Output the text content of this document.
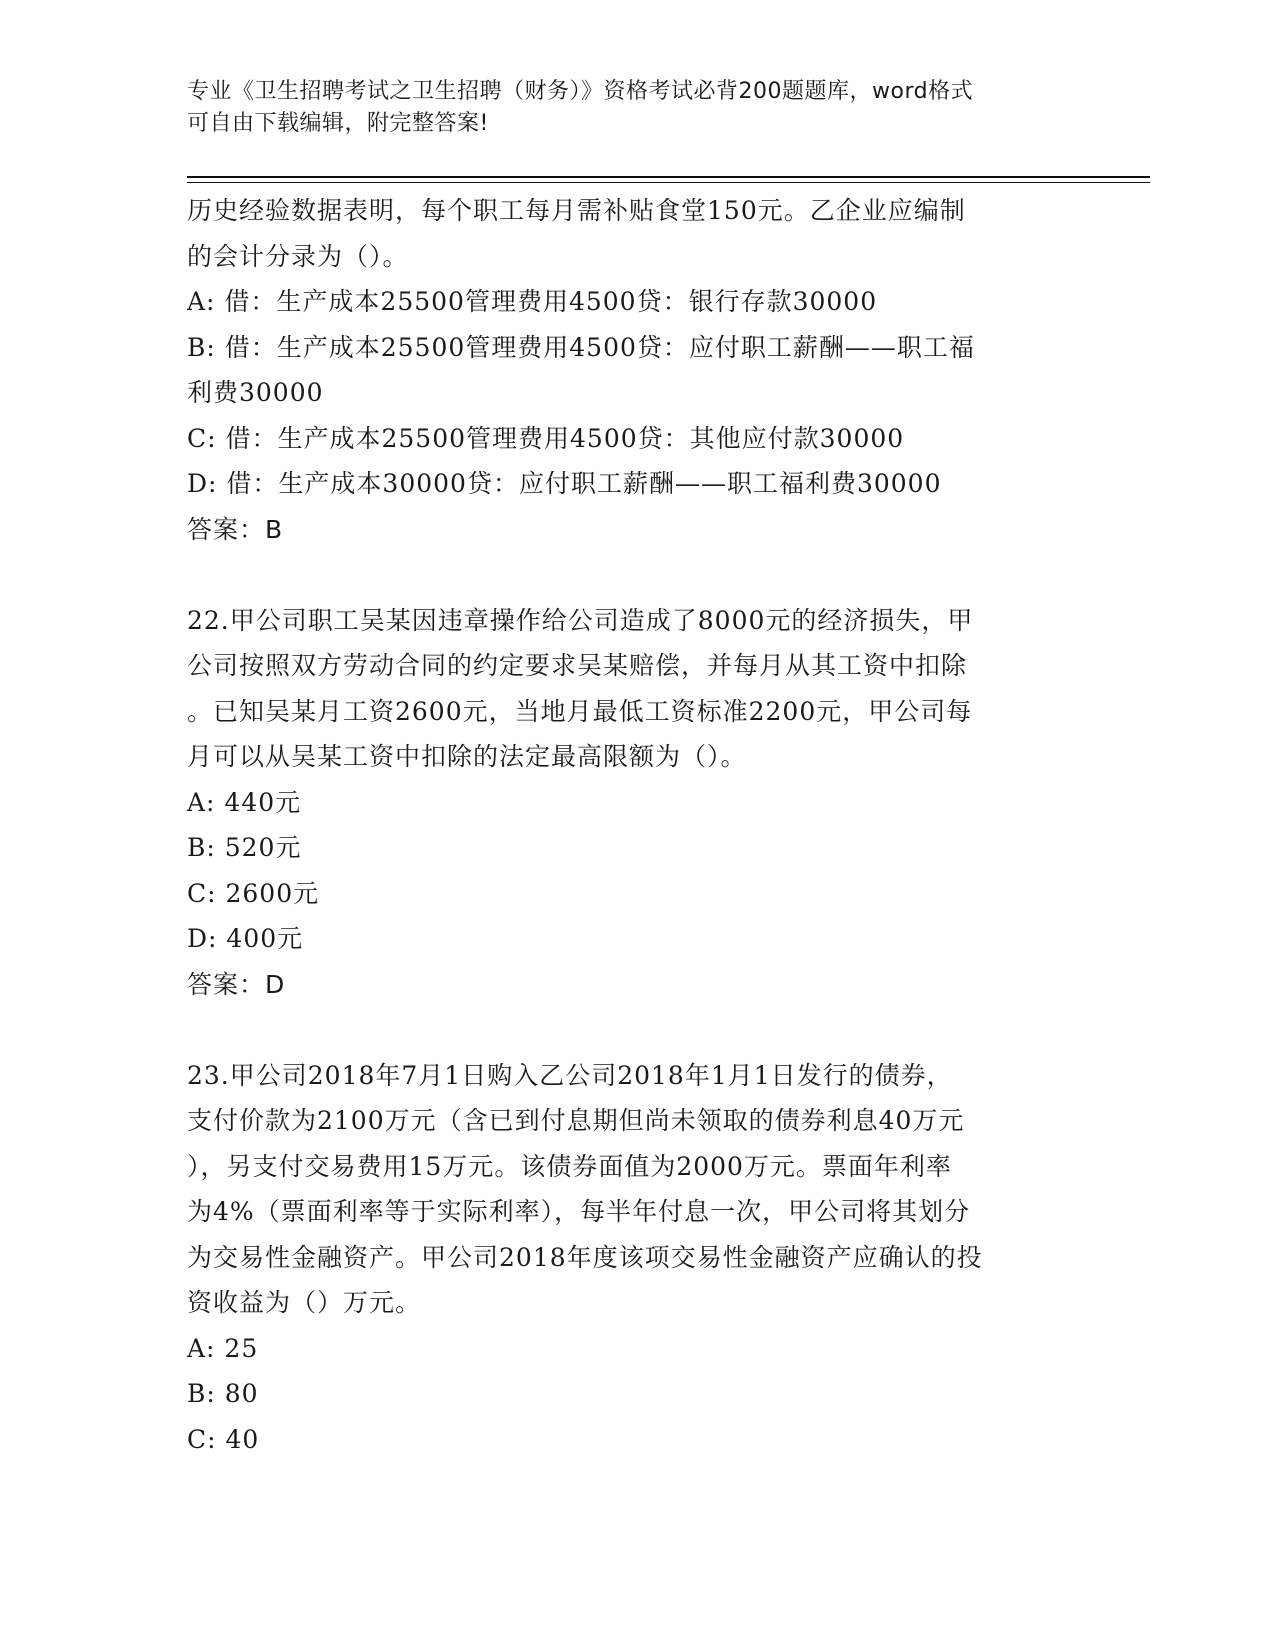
专业《卫生招聘考试之卫生招聘（财务）》资格考试必背200题题库，word格式
可自由下载编辑，附完整答案!
历史经验数据表明，每个职工每月需补贴食堂150元。乙企业应编制
的会计分录为（）。
A: 借：生产成本25500管理费用4500贷：银行存款30000
B: 借：生产成本25500管理费用4500贷：应付职工薪酬——职工福
利费30000
C: 借：生产成本25500管理费用4500贷：其他应付款30000
D: 借：生产成本30000贷：应付职工薪酬——职工福利费30000
答案：B
22.甲公司职工吴某因违章操作给公司造成了8000元的经济损失，甲
公司按照双方劳动合同的约定要求吴某赔偿，并每月从其工资中扣除
。已知吴某月工资2600元，当地月最低工资标准2200元，甲公司每
月可以从吴某工资中扣除的法定最高限额为（）。
A: 440元
B: 520元
C: 2600元
D: 400元
答案：D
23.甲公司2018年7月1日购入乙公司2018年1月1日发行的债券，
支付价款为2100万元（含已到付息期但尚未领取的债券利息40万元
），另支付交易费用15万元。该债券面值为2000万元。票面年利率
为4%（票面利率等于实际利率），每半年付息一次，甲公司将其划分
为交易性金融资产。甲公司2018年度该项交易性金融资产应确认的投
资收益为（）万元。
A: 25
B: 80
C: 40
